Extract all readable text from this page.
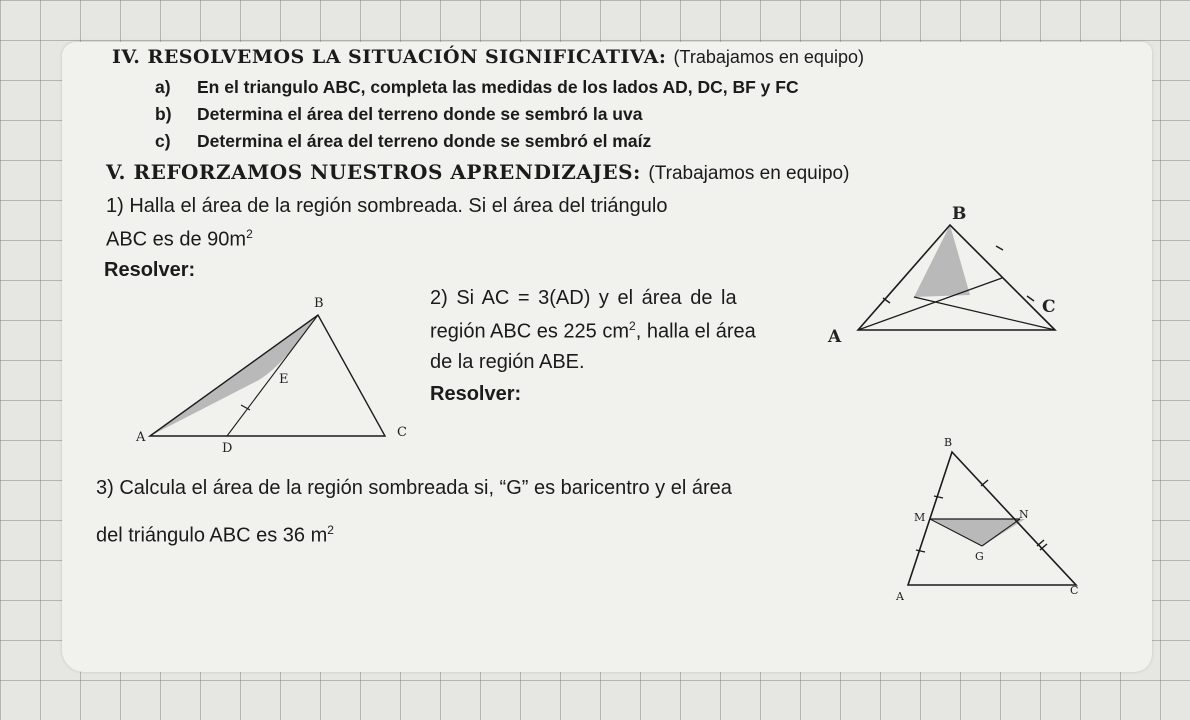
IV. RESOLVEMOS LA SITUACIÓN SIGNIFICATIVA: (Trabajamos en equipo)
a) En el triangulo ABC, completa las medidas de los lados AD, DC, BF y FC
b) Determina el área del terreno donde se sembró la uva
c) Determina el área del terreno donde se sembró el maíz
V. REFORZAMOS NUESTROS APRENDIZAJES: (Trabajamos en equipo)
1) Halla el área de la región sombreada. Si el área del triángulo
ABC es de $90m^2$
Resolver:
B
A
C
B
A	C
D
E
2) Si AC = 3(AD) y el área de la
región ABC es 225 $cm^2$, halla el área
de la región ABE.
Resolver:
3) Calcula el área de la región sombreada si, “G” es baricentro y el área
del triángulo ABC es 36 $m^2$
B
M	N
G
A	C
